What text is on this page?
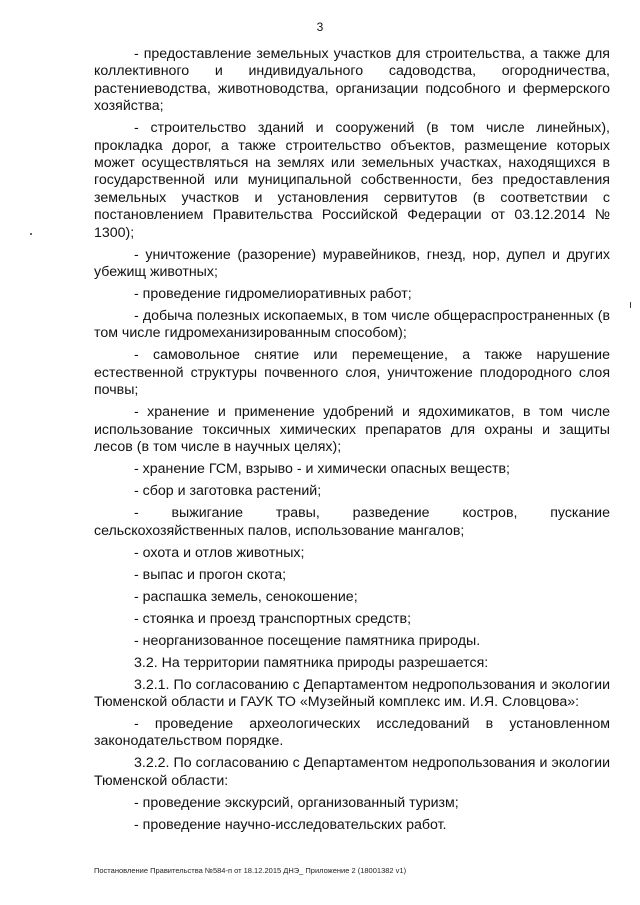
3

- предоставление земельных участков для строительства, а также для коллективного и индивидуального садоводства, огородничества, растениеводства, животноводства, организации подсобного и фермерского хозяйства;

- строительство зданий и сооружений (в том числе линейных), прокладка дорог, а также строительство объектов, размещение которых может осуществляться на землях или земельных участках, находящихся в государственной или муниципальной собственности, без предоставления земельных участков и установления сервитутов (в соответствии с постановлением Правительства Российской Федерации от 03.12.2014 № 1300);

- уничтожение (разорение) муравейников, гнезд, нор, дупел и других убежищ животных;

- проведение гидромелиоративных работ;

- добыча полезных ископаемых, в том числе общераспространенных (в том числе гидромеханизированным способом);

- самовольное снятие или перемещение, а также нарушение естественной структуры почвенного слоя, уничтожение плодородного слоя почвы;

- хранение и применение удобрений и ядохимикатов, в том числе использование токсичных химических препаратов для охраны и защиты лесов (в том числе в научных целях);

- хранение ГСМ, взрыво - и химически опасных веществ;

- сбор и заготовка растений;

- выжигание травы, разведение костров, пускание сельскохозяйственных палов, использование мангалов;

- охота и отлов животных;

- выпас и прогон скота;

- распашка земель, сенокошение;

- стоянка и проезд транспортных средств;

- неорганизованное посещение памятника природы.

3.2. На территории памятника природы разрешается:

3.2.1. По согласованию с Департаментом недропользования и экологии Тюменской области и ГАУК ТО «Музейный комплекс им. И.Я. Словцова»:

- проведение археологических исследований в установленном законодательством порядке.

3.2.2. По согласованию с Департаментом недропользования и экологии Тюменской области:

- проведение экскурсий, организованный туризм;

- проведение научно-исследовательских работ.

Постановление Правительства №584-п от 18.12.2015 ДНЭ_ Приложение 2 (18001382 v1)
